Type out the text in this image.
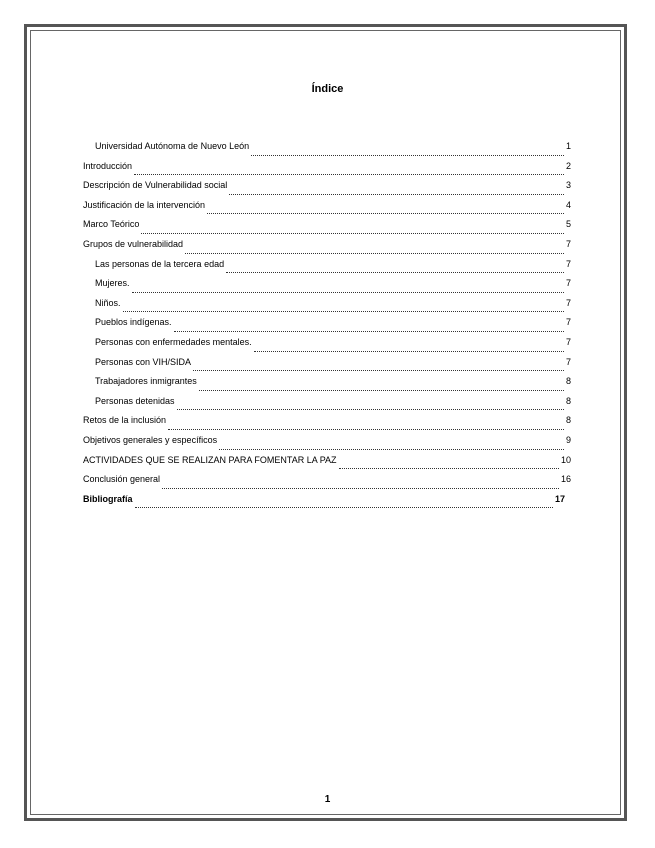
Índice
Universidad Autónoma de Nuevo León	1
Introducción	2
Descripción de Vulnerabilidad social	3
Justificación de la intervención	4
Marco Teórico	5
Grupos de vulnerabilidad	7
Las personas de la tercera edad	7
Mujeres.	7
Niños.	7
Pueblos indígenas.	7
Personas con enfermedades mentales.	7
Personas con VIH/SIDA	7
Trabajadores inmigrantes	8
Personas detenidas	8
Retos de la inclusión	8
Objetivos generales y específicos	9
ACTIVIDADES QUE SE REALIZAN PARA FOMENTAR LA PAZ	10
Conclusión general	16
Bibliografía	17
1
